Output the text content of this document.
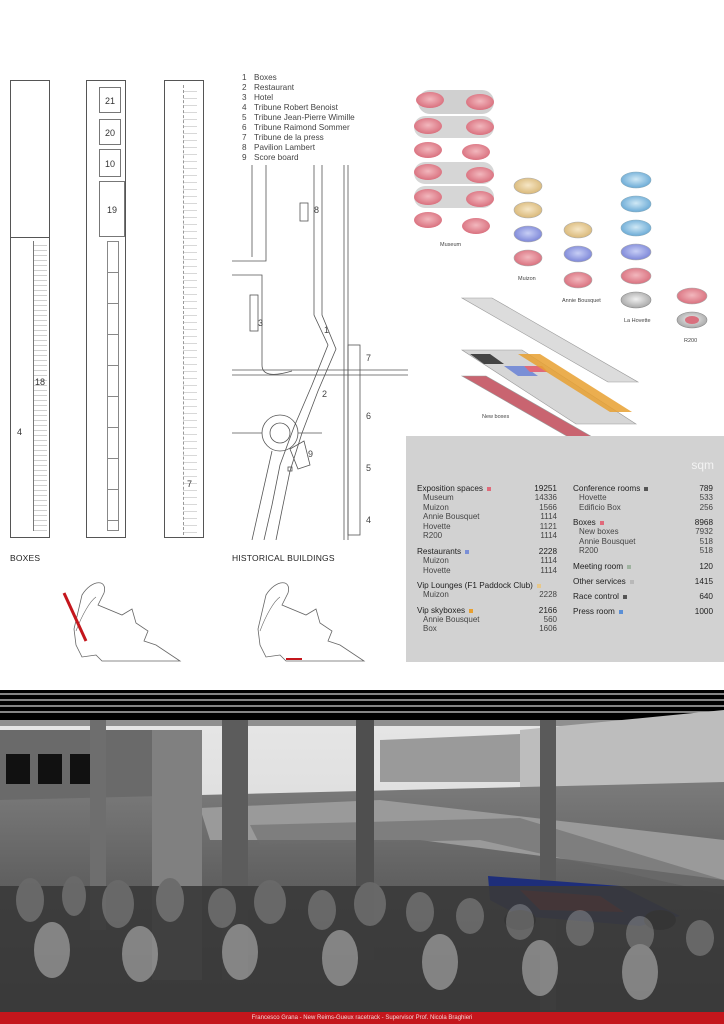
18
4
21
20
10
19
7
1 Boxes
2 Restaurant
3 Hotel
4 Tribune Robert Benoist
5 Tribune Jean-Pierre Wimille
6 Tribune Raimond Sommer
7 Tribune de la press
8 Pavilion Lambert
9 Score board
8
3
1
7
2
6
9
5
4
BOXES	HISTORICAL BUILDINGS
Museum
Muizon
Annie Bousquet
La Hovette
R200
New boxes
sqm
Exposition spaces	19251
Museum	14336
Muizon	1566
Annie Bousquet	1114
Hovette	1121
R200	1114
Restaurants	2228
Muizon	1114
Hovette	1114
Vip Lounges (F1 Paddock Club)
Muizon	2228
Vip skyboxes	2166
Annie Bousquet	560
Box	1606
Conference rooms	789
Hovette	533
Edificio Box	256
Boxes	8968
New boxes	7932
Annie Bousquet	518
R200	518
Meeting room	120
Other services	1415
Race control	640
Press room	1000
Francesco Grana - New Reims-Gueux racetrack - Supervisor Prof. Nicola Braghieri
